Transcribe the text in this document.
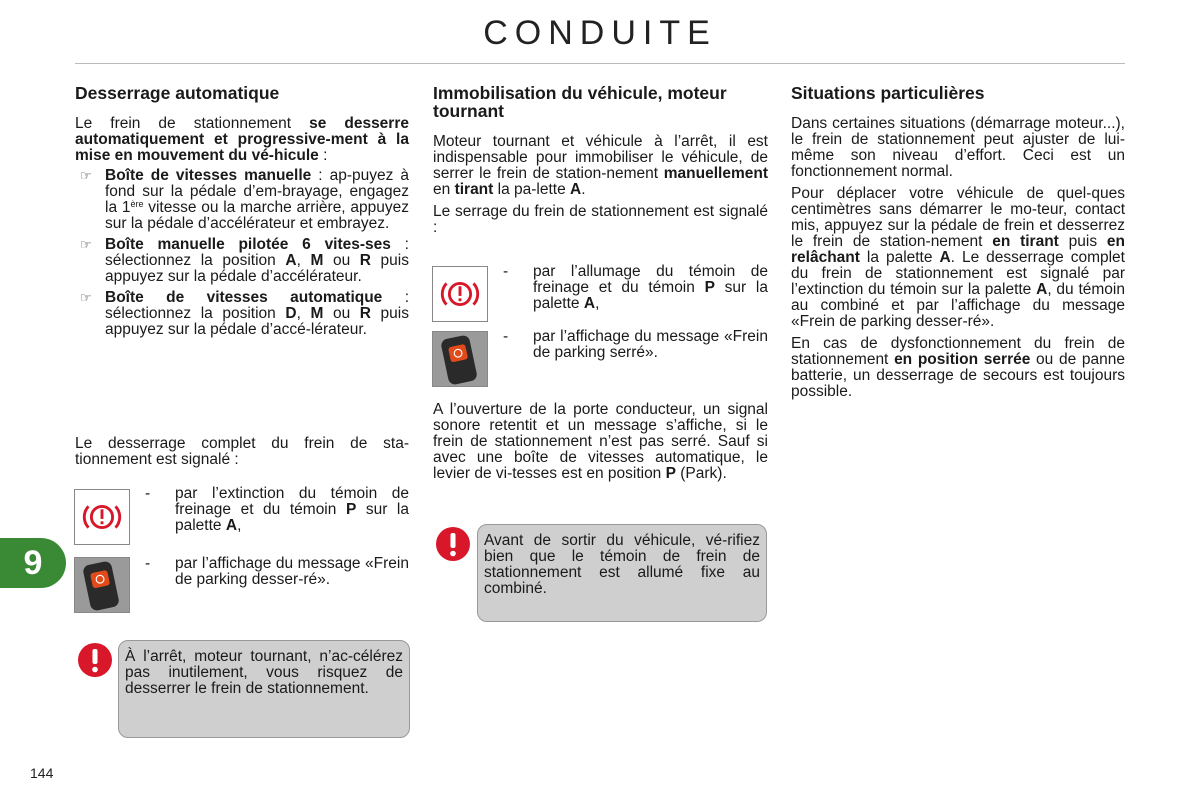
CONDUITE
Desserrage automatique

Le frein de stationnement se desserre automatiquement et progressive-ment à la mise en mouvement du vé-hicule :

☞ Boîte de vitesses manuelle : ap-puyez à fond sur la pédale d’em-brayage, engagez la 1ère vitesse ou la marche arrière, appuyez sur la pédale d’accélérateur et embrayez.

☞ Boîte manuelle pilotée 6 vites-ses : sélectionnez la position A, M ou R puis appuyez sur la pédale d’accélérateur.

☞ Boîte de vitesses automatique : sélectionnez la position D, M ou R puis appuyez sur la pédale d’accé-lérateur.

Le desserrage complet du frein de sta-tionnement est signalé :

- par l’extinction du témoin de freinage et du témoin P sur la palette A,
- par l’affichage du message «Frein de parking desser-ré».
À l’arrêt, moteur tournant, n’ac-célérez pas inutilement, vous risquez de desserrer le frein de stationnement.
Immobilisation du véhicule, moteur tournant

Moteur tournant et véhicule à l’arrêt, il est indispensable pour immobiliser le véhicule, de serrer le frein de station-nement manuellement en tirant la pa-lette A.

Le serrage du frein de stationnement est signalé :

- par l’allumage du témoin de freinage et du témoin P sur la palette A,
- par l’affichage du message «Frein de parking serré».

A l’ouverture de la porte conducteur, un signal sonore retentit et un message s’affiche, si le frein de stationnement n’est pas serré. Sauf si avec une boîte de vitesses automatique, le levier de vi-tesses est en position P (Park).

Avant de sortir du véhicule, vé-rifiez bien que le témoin de frein de stationnement est allumé fixe au combiné.
Situations particulières

Dans certaines situations (démarrage moteur...), le frein de stationnement peut ajuster de lui-même son niveau d’effort. Ceci est un fonctionnement normal.

Pour déplacer votre véhicule de quel-ques centimètres sans démarrer le mo-teur, contact mis, appuyez sur la pédale de frein et desserrez le frein de station-nement en tirant puis en relâchant la palette A. Le desserrage complet du frein de stationnement est signalé par l’extinction du témoin sur la palette A, du témoin au combiné et par l’affichage du message «Frein de parking desser-ré».

En cas de dysfonctionnement du frein de stationnement en position serrée ou de panne batterie, un desserrage de secours est toujours possible.

9
144
